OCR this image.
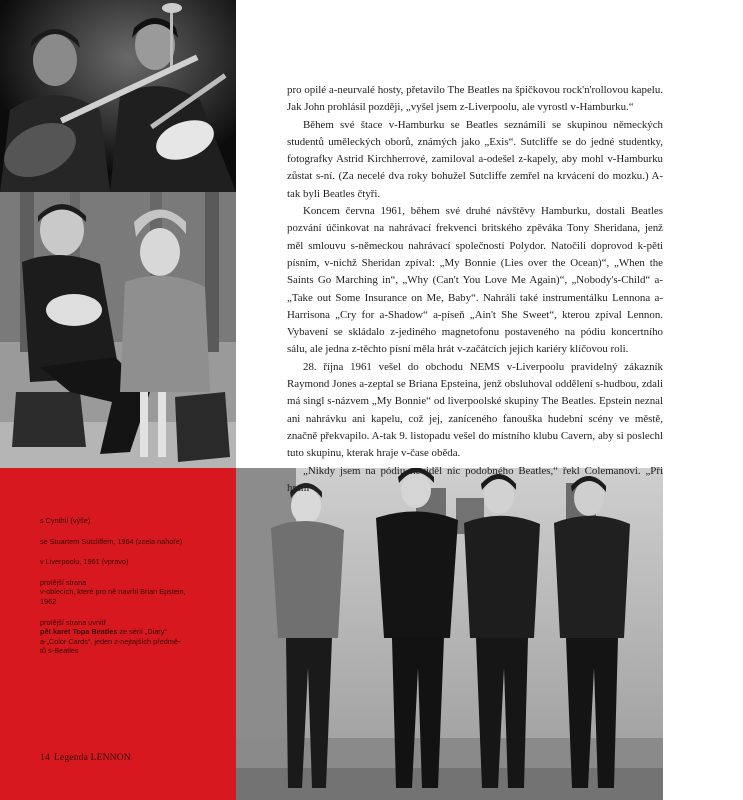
s Cynthií (výše)

se Stuartem Sutcliffem, 1964 (zcela nahoře)

v Liverpoolu, 1961 (vpravo)

protější strana
v-oblecích, které pro ně navrhl Brian Epstein,
1962

protější strana uvnitř
pět karet Topa Beatles ze sérií „Diary“
a-„Color Cards“, jeden z-nejtajších předmě-
tů s-Beatles

14 Legenda LENNON

pro opilé a-neurvalé hosty, přetavilo The Beatles na špičkovou rock'n'rollovou kapelu. Jak John prohlásil později, „vyšel jsem z-Liverpoolu, ale vyrostl v-Hamburku.“

Během své štace v-Hamburku se Beatles seznámili se skupinou německých studentů uměleckých oborů, známých jako „Exis“. Sutcliffe se do jedné studentky, fotografky Astrid Kirchherrové, zamiloval a-odešel z-kapely, aby mohl v-Hamburku zůstat s-ní. (Za necelé dva roky bohužel Sutcliffe zemřel na krvácení do mozku.) A-tak byli Beatles čtyři.

Koncem června 1961, během své druhé návštěvy Hamburku, dostali Beatles pozvání účinkovat na nahrávací frekvenci britského zpěváka Tony Sheridana, jenž měl smlouvu s-německou nahrávací společností Polydor. Natočili doprovod k-pěti písním, v-nichž Sheridan zpíval: „My Bonnie (Lies over the Ocean)“, „When the Saints Go Marching in“, „Why (Can't You Love Me Again)“, „Nobody's-Child“ a-„Take out Some Insurance on Me, Baby“. Nahráli také instrumentálku Lennona a-Harrisona „Cry for a-Shadow“ a-píseň „Ain't She Sweet“, kterou zpíval Lennon. Vybavení se skládalo z-jediného magnetofonu postaveného na pódiu koncertního sálu, ale jedna z-těchto písní měla hrát v-začátcích jejich kariéry klíčovou roli.

28. října 1961 vešel do obchodu NEMS v-Liverpoolu pravidelný zákazník Raymond Jones a-zeptal se Briana Epsteina, jenž obsluhoval oddělení s-hudbou, zdali má singl s-názvem „My Bonnie“ od liverpoolské skupiny The Beatles. Epstein neznal ani nahrávku ani kapelu, což jej, zaníceného fanouška hudební scény ve městě, značně překvapilo. A-tak 9. listopadu vešel do místního klubu Cavern, aby si poslechl tuto skupinu, kterak hraje v-čase oběda.

„Nikdy jsem na pódiu neviděl nic podobného Beatles,“ řekl Colemanovi. „Při hraní
